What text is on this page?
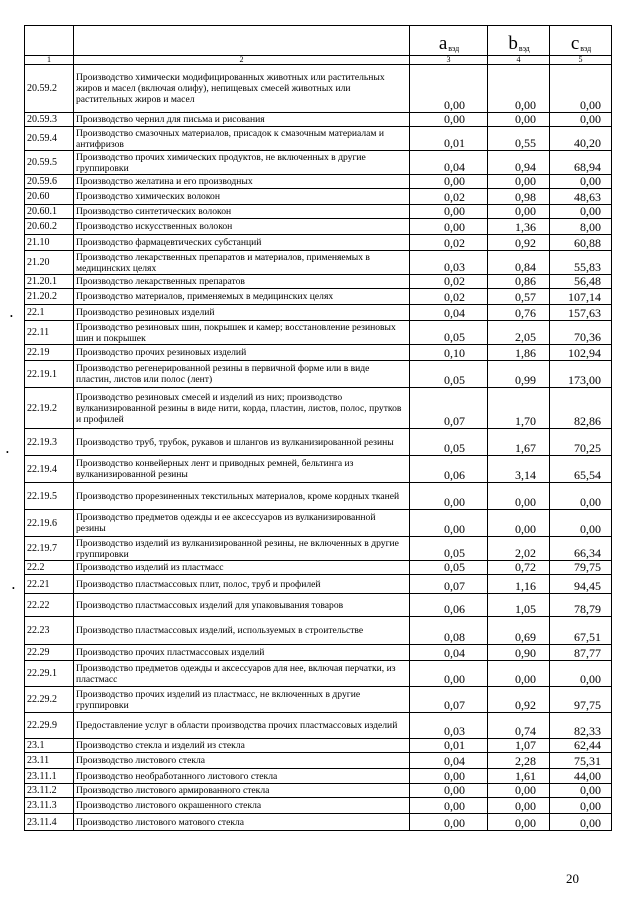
		$a_{вэд}$	$b_{вэд}$	$c_{вэд}$
1	2	3	4	5
20.59.2	Производство химически модифицированных животных или растительных жиров и масел (включая олифу), непищевых смесей животных или растительных жиров и масел	0,00	0,00	0,00
20.59.3	Производство чернил для письма и рисования	0,00	0,00	0,00
20.59.4	Производство смазочных материалов, присадок к смазочным материалам и антифризов	0,01	0,55	40,20
20.59.5	Производство прочих химических продуктов, не включенных в другие группировки	0,04	0,94	68,94
20.59.6	Производство желатина и его производных	0,00	0,00	0,00
20.60	Производство химических волокон	0,02	0,98	48,63
20.60.1	Производство синтетических волокон	0,00	0,00	0,00
20.60.2	Производство искусственных волокон	0,00	1,36	8,00
21.10	Производство фармацевтических субстанций	0,02	0,92	60,88
21.20	Производство лекарственных препаратов и материалов, применяемых в медицинских целях	0,03	0,84	55,83
21.20.1	Производство лекарственных препаратов	0,02	0,86	56,48
21.20.2	Производство материалов, применяемых в медицинских целях	0,02	0,57	107,14
22.1	Производство резиновых изделий	0,04	0,76	157,63
22.11	Производство резиновых шин, покрышек и камер; восстановление резиновых шин и покрышек	0,05	2,05	70,36
22.19	Производство прочих резиновых изделий	0,10	1,86	102,94
22.19.1	Производство регенерированной резины в первичной форме или в виде пластин, листов или полос (лент)	0,05	0,99	173,00
22.19.2	Производство резиновых смесей и изделий из них; производство вулканизированной резины в виде нити, корда, пластин, листов, полос, прутков и профилей	0,07	1,70	82,86
22.19.3	Производство труб, трубок, рукавов и шлангов из вулканизированной резины	0,05	1,67	70,25
22.19.4	Производство конвейерных лент и приводных ремней, бельтинга из вулканизированной резины	0,06	3,14	65,54
22.19.5	Производство прорезиненных текстильных материалов, кроме кордных тканей	0,00	0,00	0,00
22.19.6	Производство предметов одежды и ее аксессуаров из вулканизированной резины	0,00	0,00	0,00
22.19.7	Производство изделий из вулканизированной резины, не включенных в другие группировки	0,05	2,02	66,34
22.2	Производство изделий из пластмасс	0,05	0,72	79,75
22.21	Производство пластмассовых плит, полос, труб и профилей	0,07	1,16	94,45
22.22	Производство пластмассовых изделий для упаковывания товаров	0,06	1,05	78,79
22.23	Производство пластмассовых изделий, используемых в строительстве	0,08	0,69	67,51
22.29	Производство прочих пластмассовых изделий	0,04	0,90	87,77
22.29.1	Производство предметов одежды и аксессуаров для нее, включая перчатки, из пластмасс	0,00	0,00	0,00
22.29.2	Производство прочих изделий из пластмасс, не включенных в другие группировки	0,07	0,92	97,75
22.29.9	Предоставление услуг в области производства прочих пластмассовых изделий	0,03	0,74	82,33
23.1	Производство стекла и изделий из стекла	0,01	1,07	62,44
23.11	Производство листового стекла	0,04	2,28	75,31
23.11.1	Производство необработанного листового стекла	0,00	1,61	44,00
23.11.2	Производство листового армированного стекла	0,00	0,00	0,00
23.11.3	Производство листового окрашенного стекла	0,00	0,00	0,00
23.11.4	Производство листового матового стекла	0,00	0,00	0,00
20
•
•
•
